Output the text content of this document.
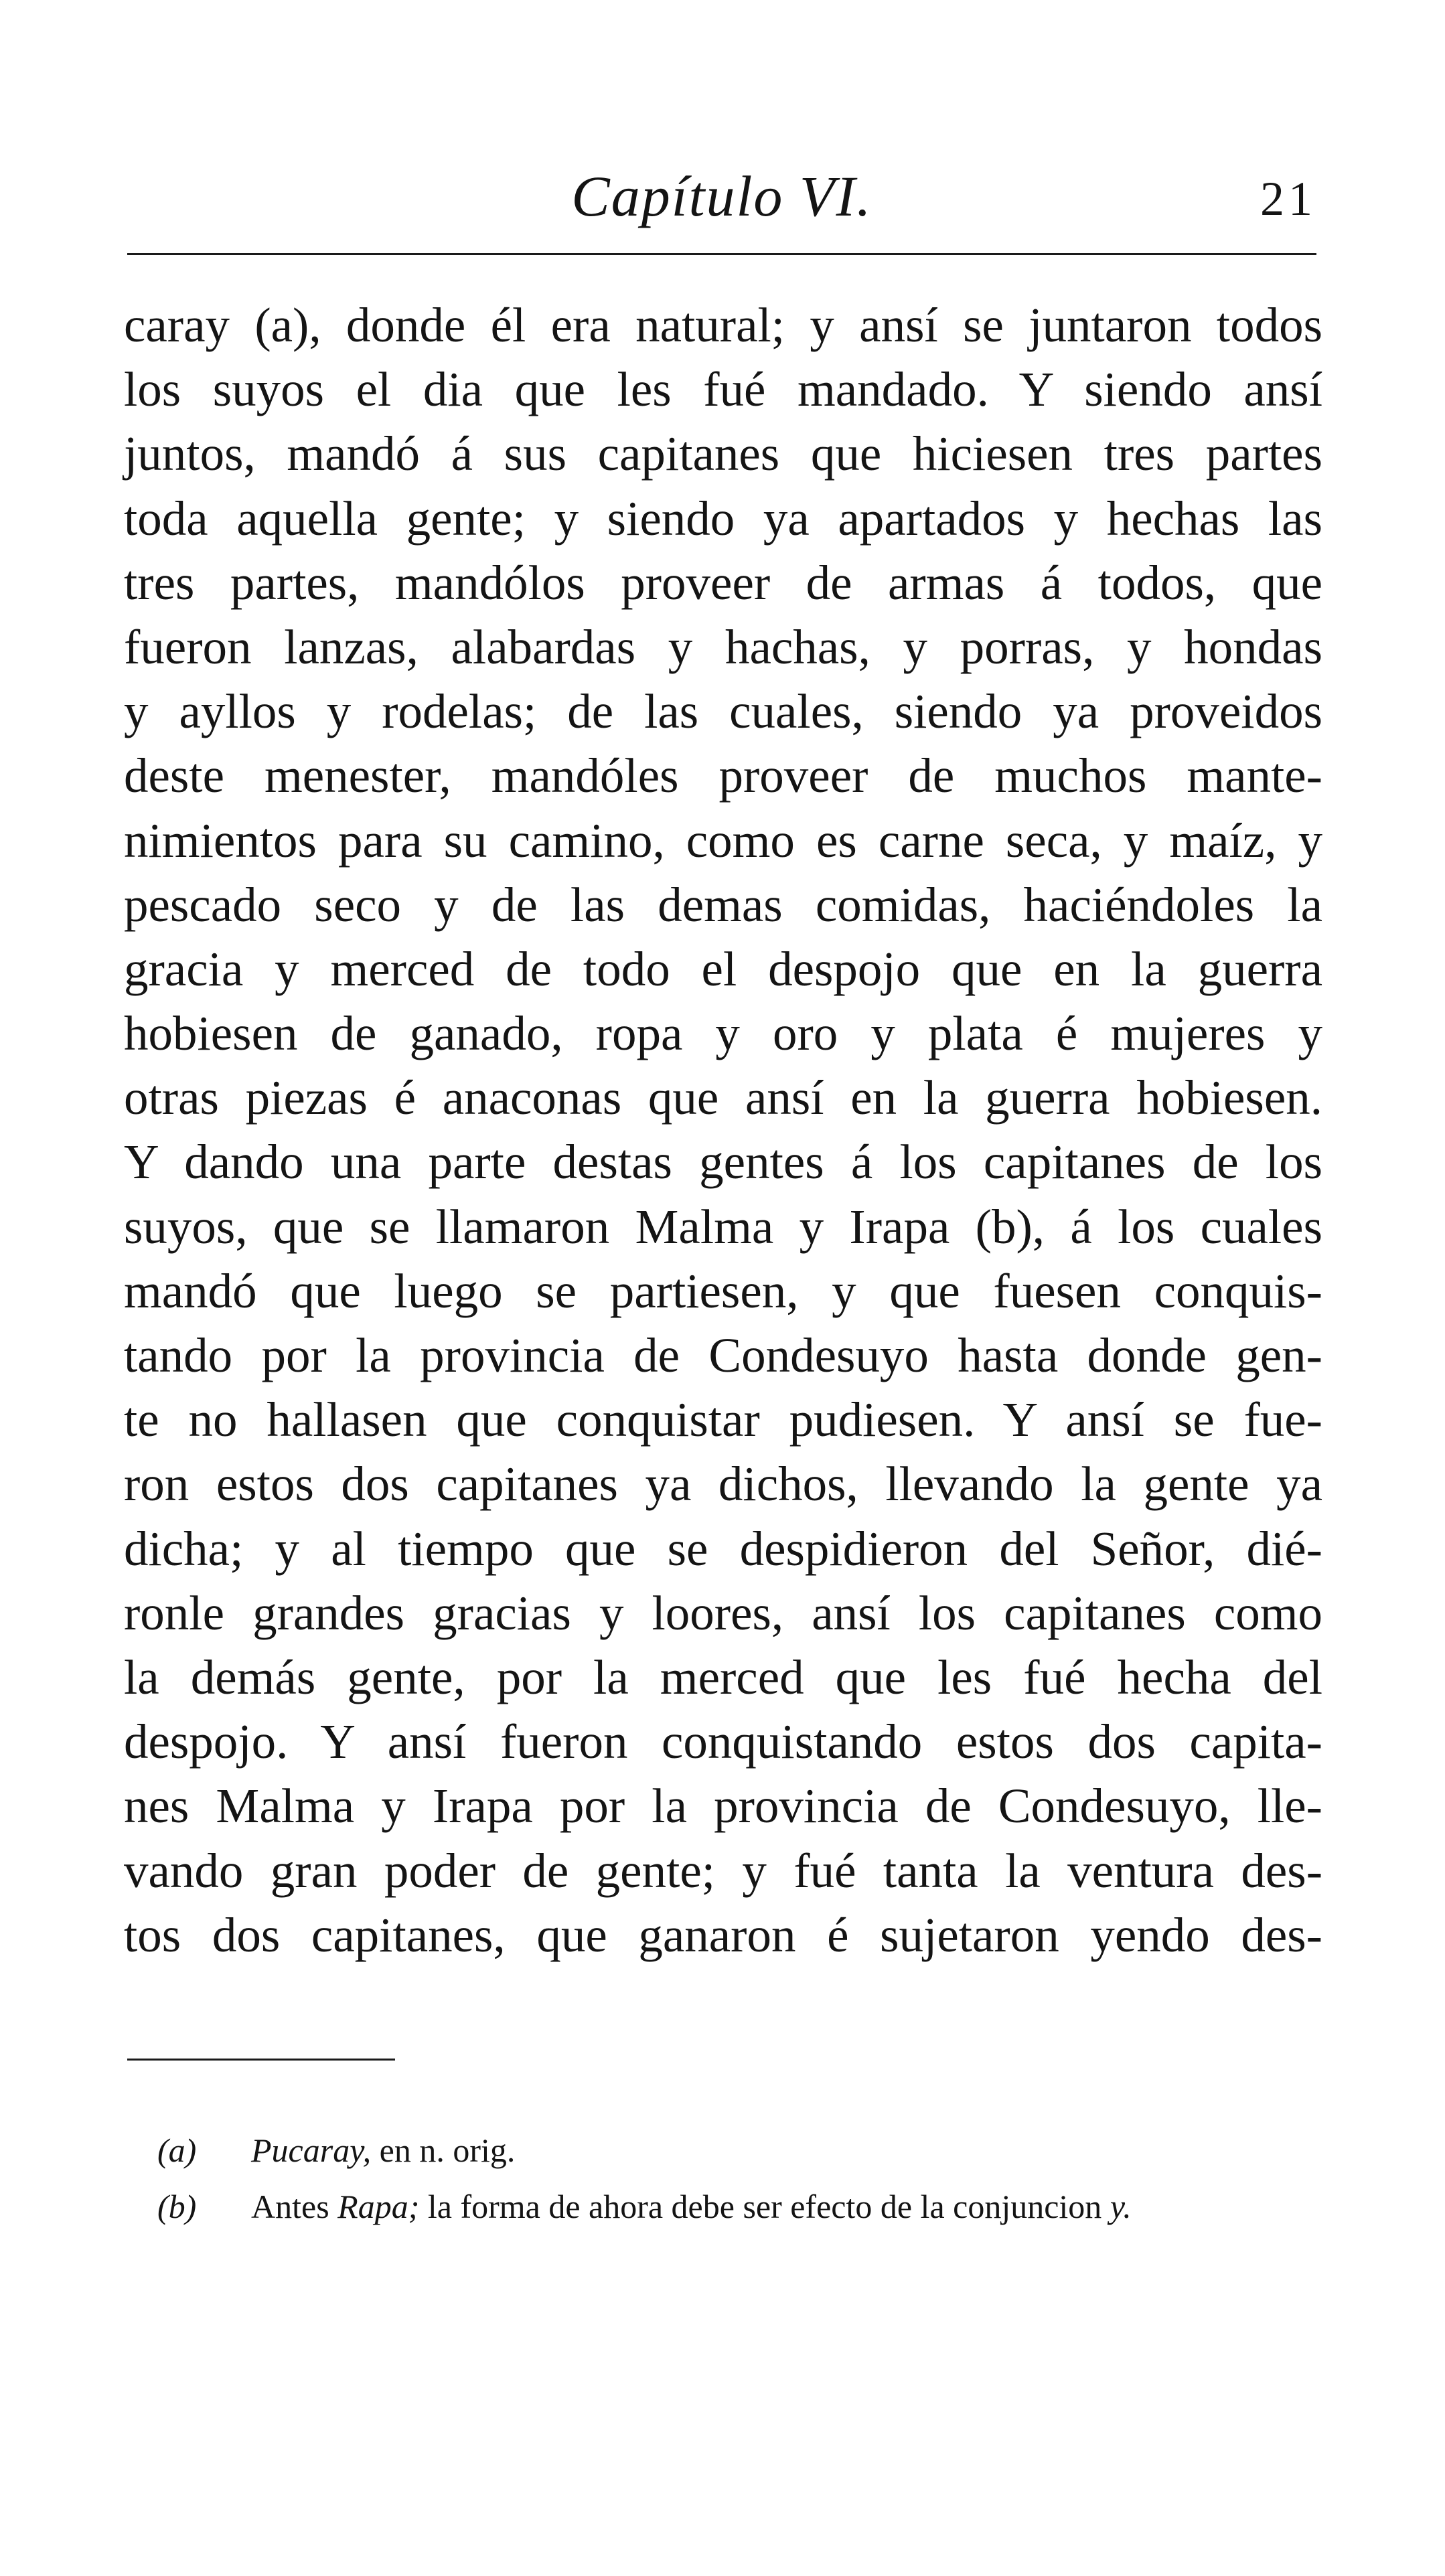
Capítulo VI.	21
caray (a), donde él era natural; y ansí se juntaron todos
los suyos el dia que les fué mandado. Y siendo ansí
juntos, mandó á sus capitanes que hiciesen tres partes
toda aquella gente; y siendo ya apartados y hechas las
tres partes, mandólos proveer de armas á todos, que
fueron lanzas, alabardas y hachas, y porras, y hondas
y ayllos y rodelas; de las cuales, siendo ya proveidos
deste menester, mandóles proveer de muchos mante-
nimientos para su camino, como es carne seca, y maíz, y
pescado seco y de las demas comidas, haciéndoles la
gracia y merced de todo el despojo que en la guerra
hobiesen de ganado, ropa y oro y plata é mujeres y
otras piezas é anaconas que ansí en la guerra hobiesen.
Y dando una parte destas gentes á los capitanes de los
suyos, que se llamaron Malma y Irapa (b), á los cuales
mandó que luego se partiesen, y que fuesen conquis-
tando por la provincia de Condesuyo hasta donde gen-
te no hallasen que conquistar pudiesen. Y ansí se fue-
ron estos dos capitanes ya dichos, llevando la gente ya
dicha; y al tiempo que se despidieron del Señor, dié-
ronle grandes gracias y loores, ansí los capitanes como
la demás gente, por la merced que les fué hecha del
despojo. Y ansí fueron conquistando estos dos capita-
nes Malma y Irapa por la provincia de Condesuyo, lle-
vando gran poder de gente; y fué tanta la ventura des-
tos dos capitanes, que ganaron é sujetaron yendo des-
(a) Pucaray, en n. orig.
(b) Antes Rapa; la forma de ahora debe ser efecto de la conjuncion y.
